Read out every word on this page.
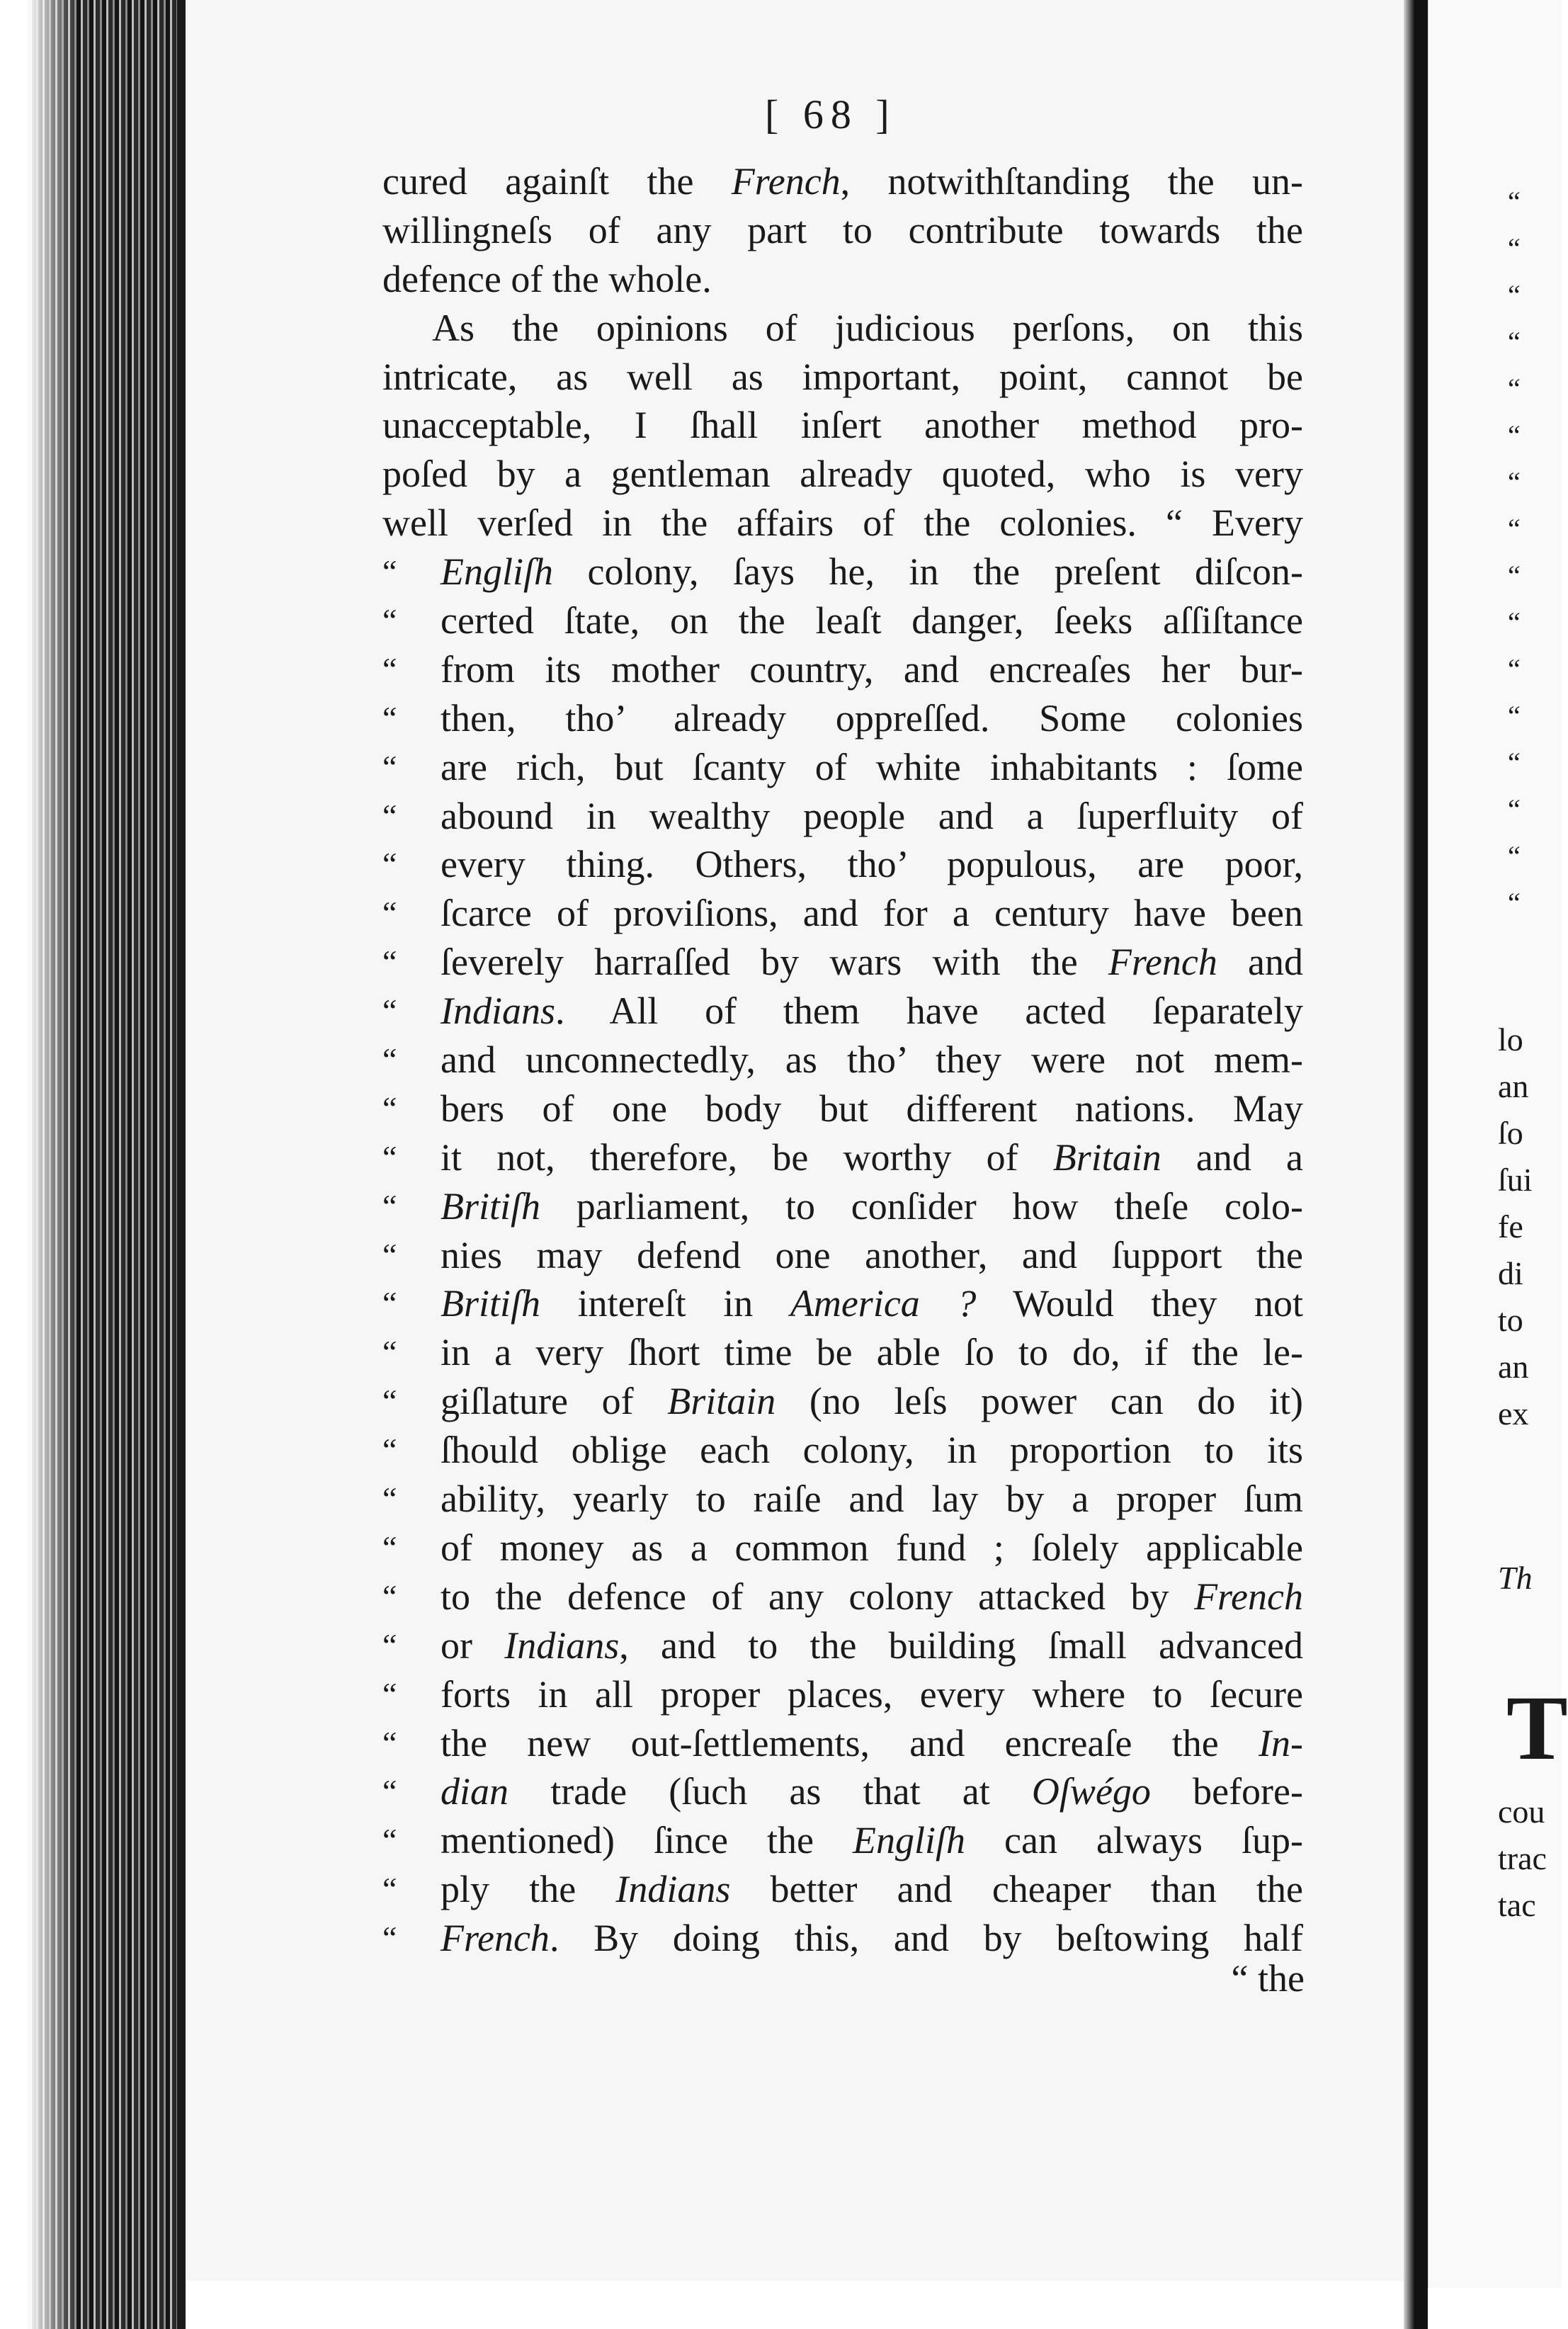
[ 68 ]
cured againſt the French, notwithſtanding the un-
willingneſs of any part to contribute towards the
defence of the whole.
As the opinions of judicious perſons, on this
intricate, as well as important, point, cannot be
unacceptable, I ſhall inſert another method pro-
poſed by a gentleman already quoted, who is very
well verſed in the affairs of the colonies. “ Every
“ Engliſh colony, ſays he, in the preſent diſcon-
“ certed ſtate, on the leaſt danger, ſeeks aſſiſtance
“ from its mother country, and encreaſes her bur-
“ then, tho’ already oppreſſed. Some colonies
“ are rich, but ſcanty of white inhabitants : ſome
“ abound in wealthy people and a ſuperfluity of
“ every thing. Others, tho’ populous, are poor,
“ ſcarce of proviſions, and for a century have been
“ ſeverely harraſſed by wars with the French and
“ Indians. All of them have acted ſeparately
“ and unconnectedly, as tho’ they were not mem-
“ bers of one body but different nations. May
“ it not, therefore, be worthy of Britain and a
“ Britiſh parliament, to conſider how theſe colo-
“ nies may defend one another, and ſupport the
“ Britiſh intereſt in America ? Would they not
“ in a very ſhort time be able ſo to do, if the le-
“ giſlature of Britain (no leſs power can do it)
“ ſhould oblige each colony, in proportion to its
“ ability, yearly to raiſe and lay by a proper ſum
“ of money as a common fund ; ſolely applicable
“ to the defence of any colony attacked by French
“ or Indians, and to the building ſmall advanced
“ forts in all proper places, every where to ſecure
“ the new out-ſettlements, and encreaſe the In-
“ dian trade (ſuch as that at Oſwégo before-
“ mentioned) ſince the Engliſh can always ſup-
“ ply the Indians better and cheaper than the
“ French. By doing this, and by beſtowing half
“ the
“
“
“
“
“
“
“
“
“
“
“
“
“
“
“
“
lo
an
ſo
ſui
fe
di
to
an
ex
Th
T
cou
trac
tac
